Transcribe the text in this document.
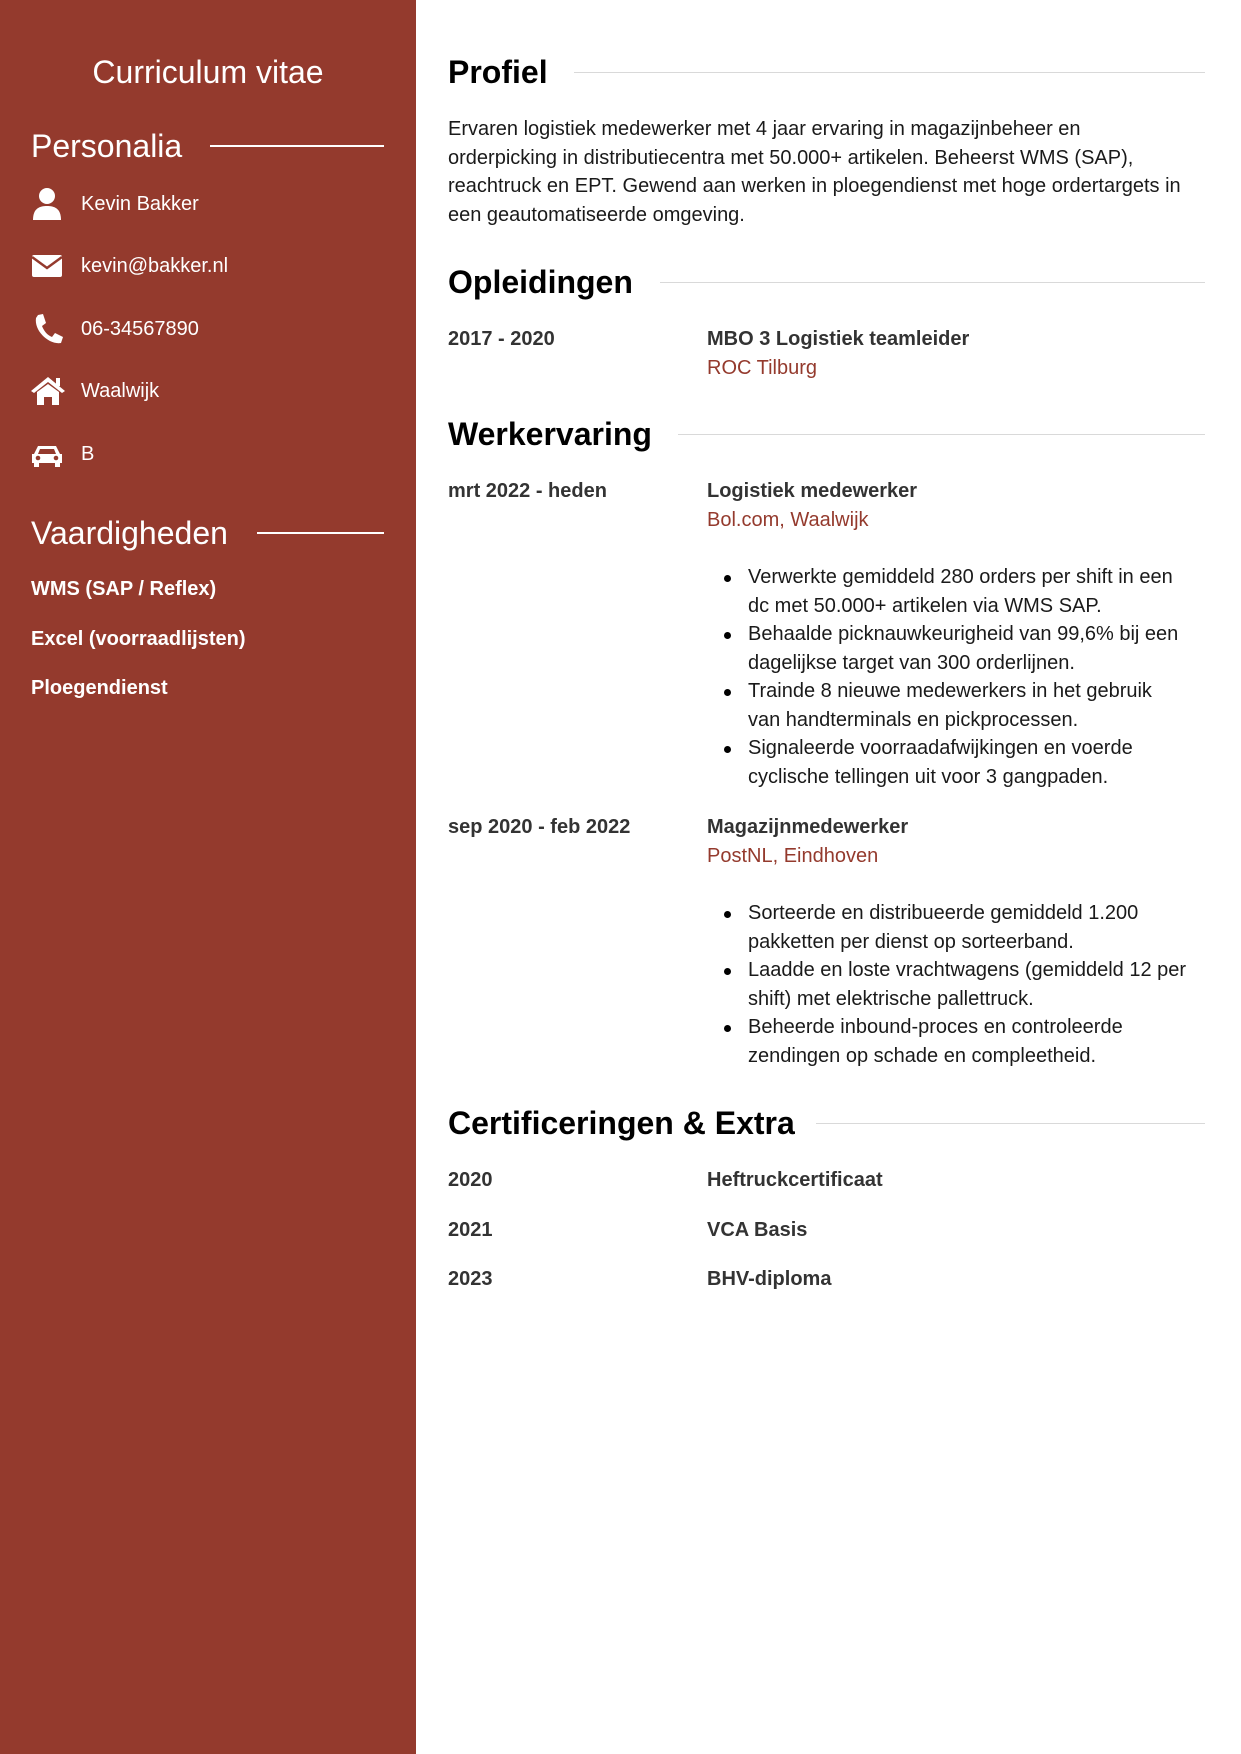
Curriculum vitae
Personalia
Kevin Bakker
kevin@bakker.nl
06-34567890
Waalwijk
B
Vaardigheden
WMS (SAP / Reflex)
Excel (voorraadlijsten)
Ploegendienst
Profiel

Ervaren logistiek medewerker met 4 jaar ervaring in magazijnbeheer en orderpicking in distributiecentra met 50.000+ artikelen. Beheerst WMS (SAP), reachtruck en EPT. Gewend aan werken in ploegendienst met hoge ordertargets in een geautomatiseerde omgeving.

Opleidingen
2017 - 2020	MBO 3 Logistiek teamleider
ROC Tilburg
Werkervaring
mrt 2022 - heden	Logistiek medewerker
Bol.com, Waalwijk
Verwerkte gemiddeld 280 orders per shift in een dc met 50.000+ artikelen via WMS SAP.
Behaalde picknauwkeurigheid van 99,6% bij een dagelijkse target van 300 orderlijnen.
Trainde 8 nieuwe medewerkers in het gebruik van handterminals en pickprocessen.
Signaleerde voorraadafwijkingen en voerde cyclische tellingen uit voor 3 gangpaden.
sep 2020 - feb 2022	Magazijnmedewerker
PostNL, Eindhoven
Sorteerde en distribueerde gemiddeld 1.200 pakketten per dienst op sorteerband.
Laadde en loste vrachtwagens (gemiddeld 12 per shift) met elektrische pallettruck.
Beheerde inbound-proces en controleerde zendingen op schade en compleetheid.
Certificeringen & Extra
2020	Heftruckcertificaat
2021	VCA Basis
2023	BHV-diploma
